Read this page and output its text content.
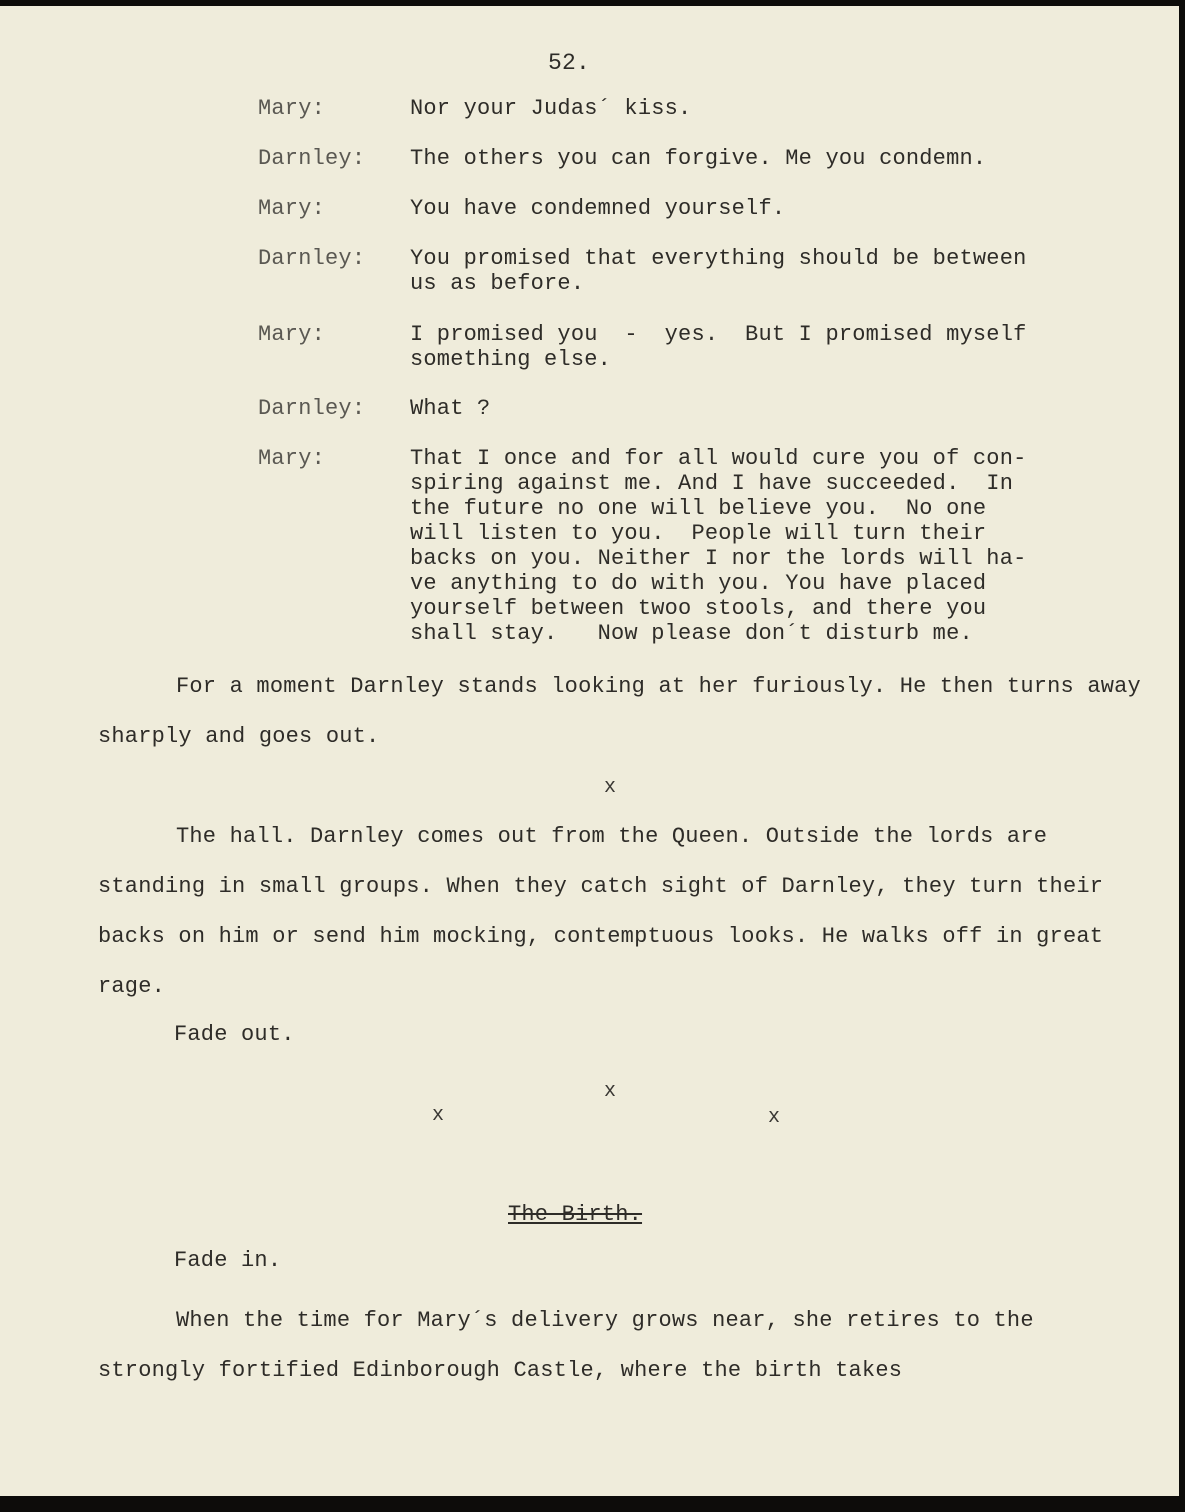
52.
Mary:	Nor your Judas´ kiss.
Darnley:	The others you can forgive. Me you condemn.
Mary:	You have condemned yourself.
Darnley:	You promised that everything should be between
us as before.
Mary:	I promised you  -  yes.  But I promised myself
something else.
Darnley:	What ?
Mary:	That I once and for all would cure you of con-
spiring against me. And I have succeeded.  In
the future no one will believe you.  No one
will listen to you.  People will turn their
backs on you. Neither I nor the lords will ha-
ve anything to do with you. You have placed
yourself between twoo stools, and there you
shall stay.   Now please don´t disturb me.
For a moment Darnley stands looking at her furiously. He then turns away sharply and goes out.
x
The hall. Darnley comes out from the Queen. Outside the lords are standing in small groups. When they catch sight of Darnley, they turn their backs on him or send him mocking, contemptuous looks. He walks off in great rage.
Fade out.
x
x	x
The Birth.
Fade in.
When the time for Mary´s delivery grows near, she retires to the strongly fortified Edinborough Castle, where the birth takes
